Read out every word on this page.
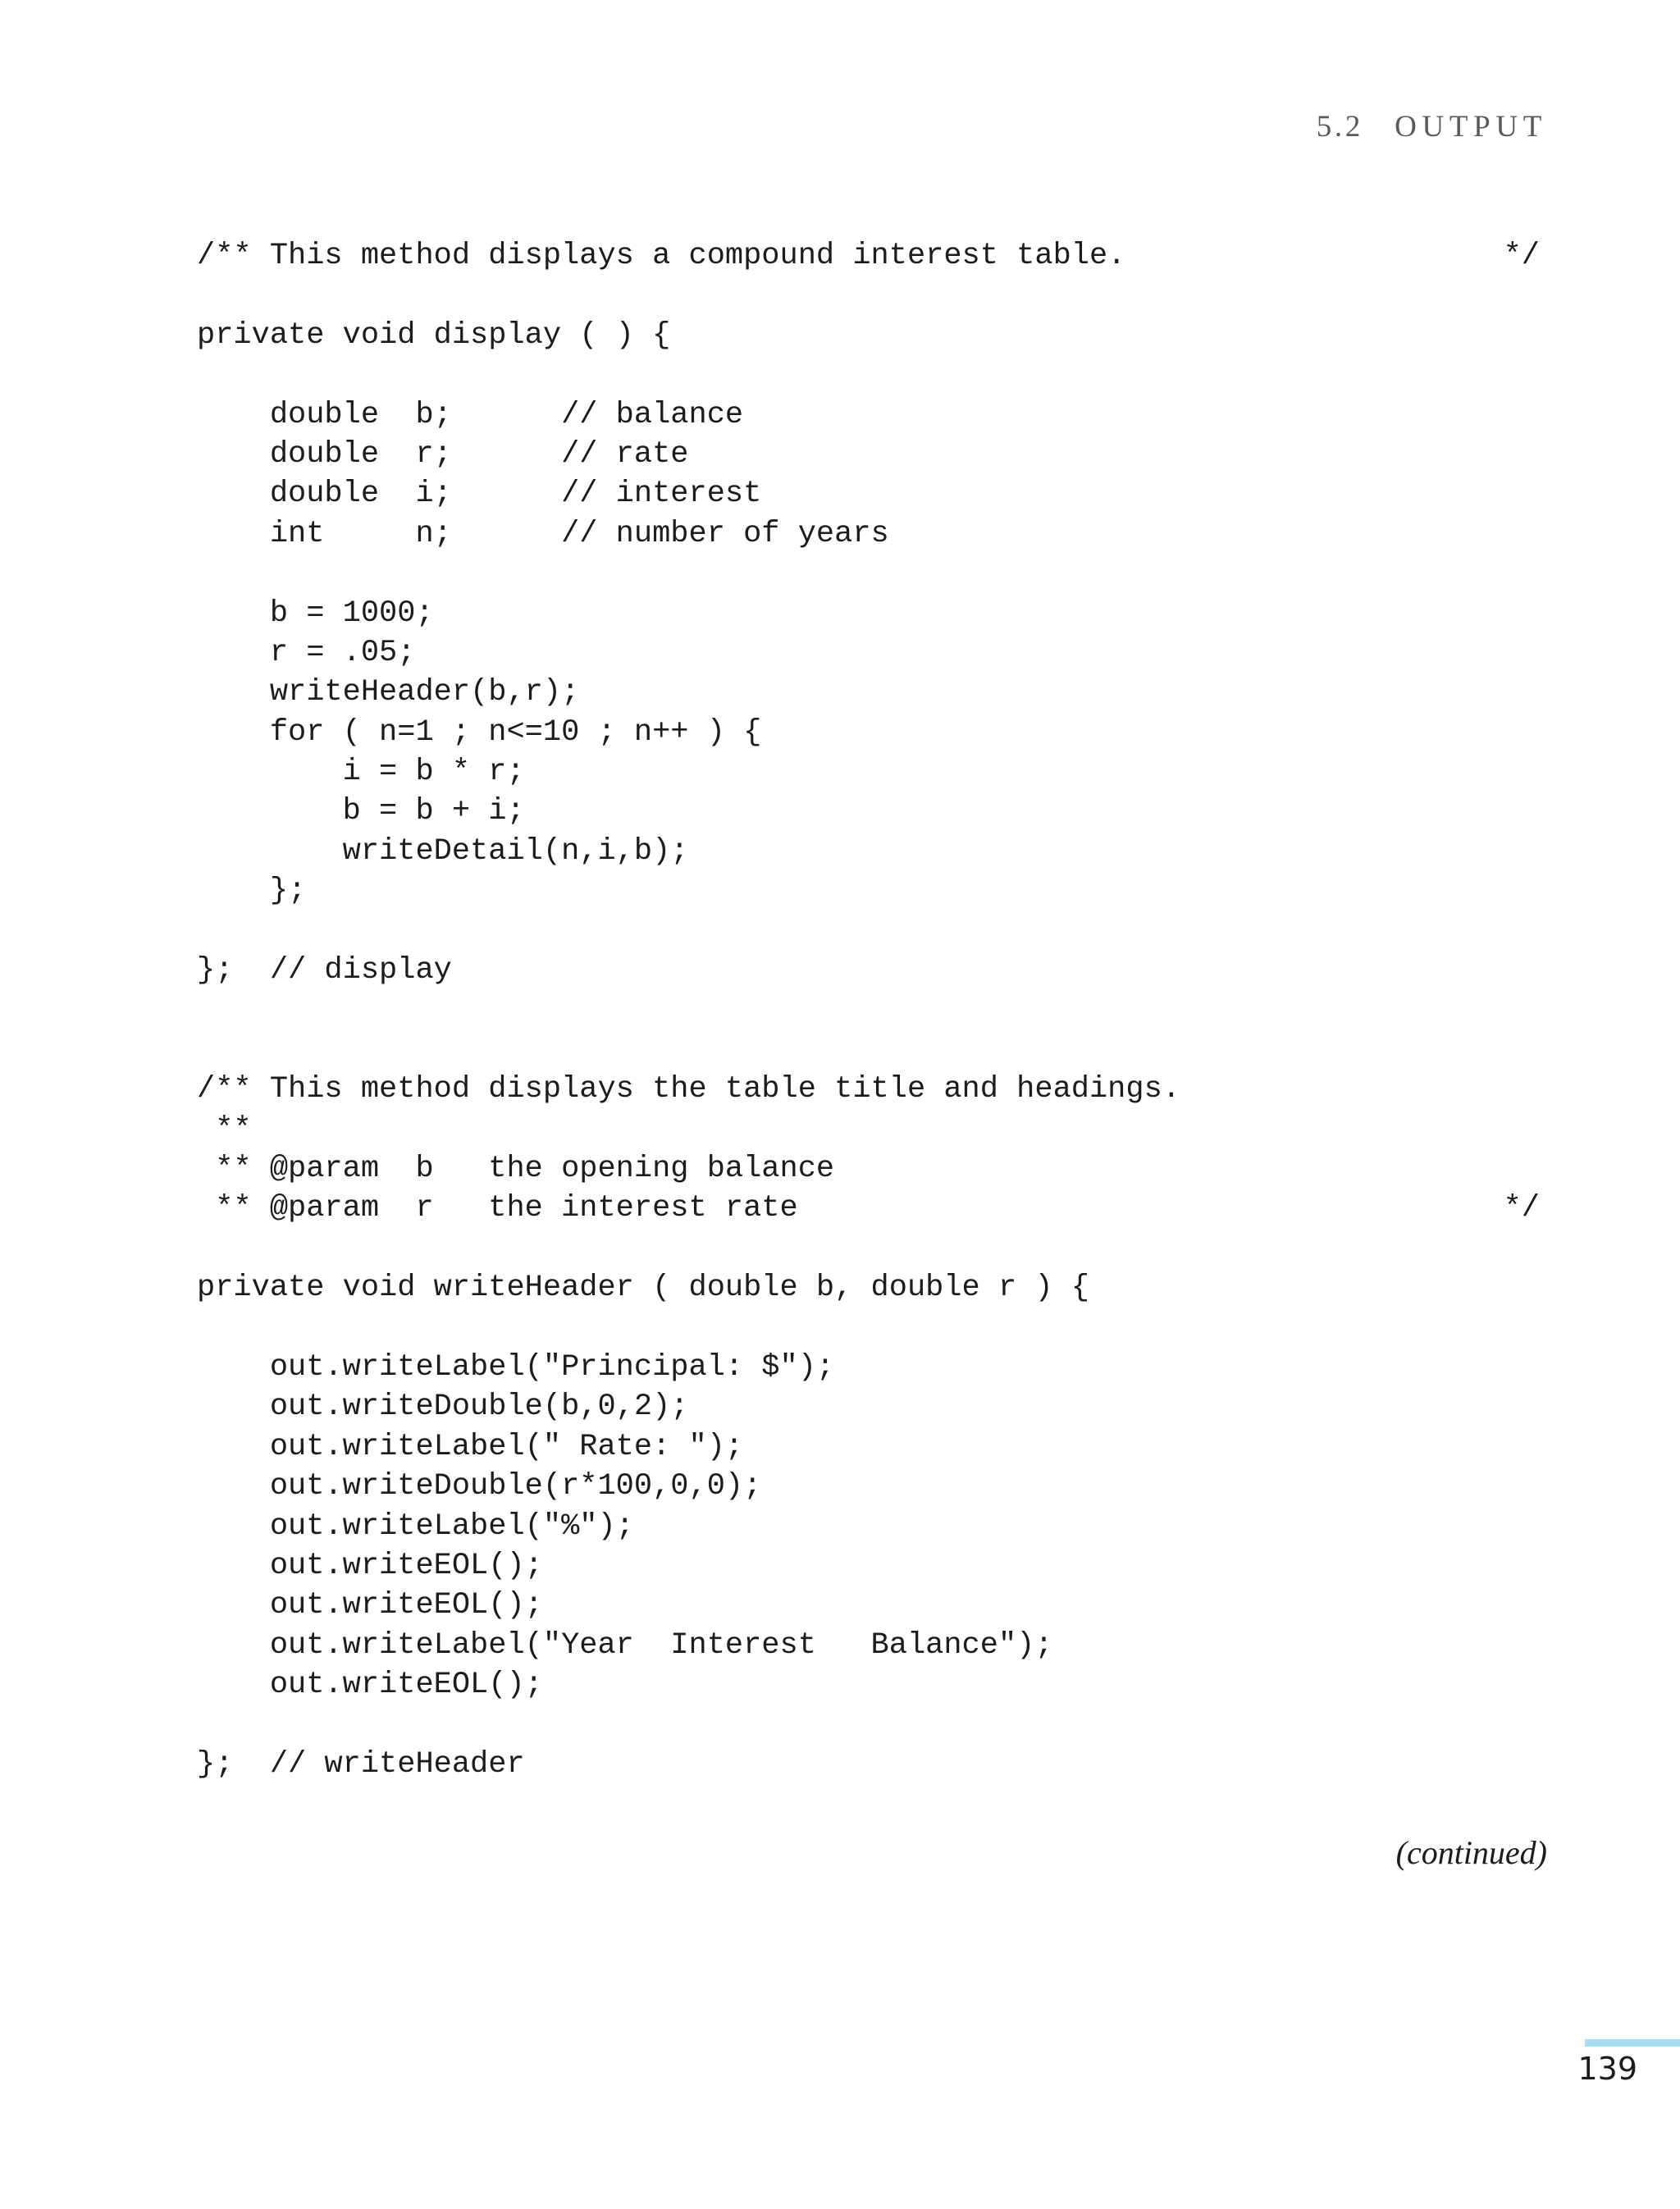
5.2 OUTPUT
/** This method displays a compound interest table.	*/
private void display ( ) {
double  b;      // balance
double  r;      // rate
double  i;      // interest
int     n;      // number of years
b = 1000;
r = .05;
writeHeader(b,r);
for ( n=1 ; n<=10 ; n++ ) {
i = b * r;
b = b + i;
writeDetail(n,i,b);
};
};  // display
/** This method displays the table title and headings.
**
** @param  b   the opening balance
** @param  r   the interest rate	*/
private void writeHeader ( double b, double r ) {
out.writeLabel("Principal: $");
out.writeDouble(b,0,2);
out.writeLabel(" Rate: ");
out.writeDouble(r*100,0,0);
out.writeLabel("%");
out.writeEOL();
out.writeEOL();
out.writeLabel("Year  Interest   Balance");
out.writeEOL();
};  // writeHeader
(continued)
139
